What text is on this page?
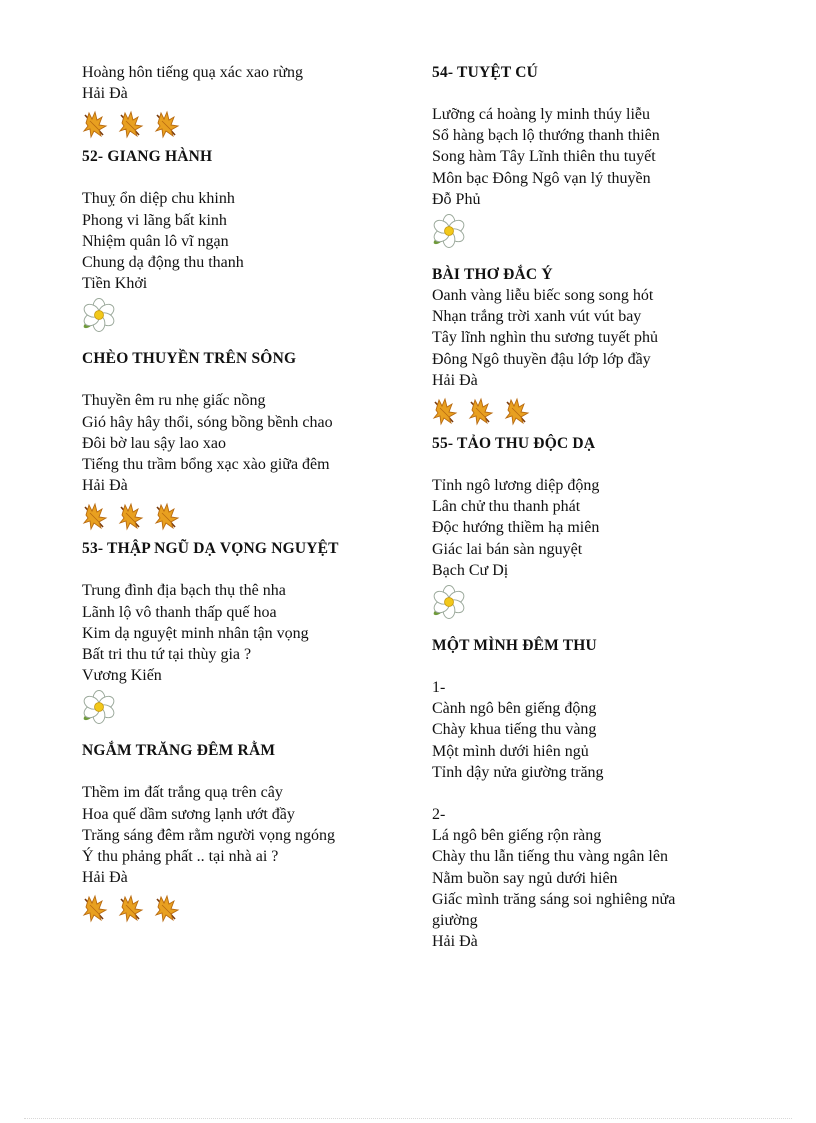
Hoàng hôn tiếng quạ xác xao rừng
Hải Đà
52- GIANG HÀNH
Thuỵ ổn diệp chu khinh
Phong vi lãng bất kinh
Nhiệm quân lô vĩ ngạn
Chung dạ động thu thanh
Tiền Khởi
CHÈO THUYỀN TRÊN SÔNG
Thuyền êm ru nhẹ giấc nồng
Gió hây hây thổi, sóng bồng bềnh chao
Đôi bờ lau sậy lao xao
Tiếng thu trầm bổng xạc xào giữa đêm
Hải Đà
53- THẬP NGŨ DẠ VỌNG NGUYỆT
Trung đình địa bạch thụ thê nha
Lãnh lộ vô thanh thấp quế hoa
Kim dạ nguyệt minh nhân tận vọng
Bất tri thu tứ tại thùy gia ?
Vương Kiến
NGẮM TRĂNG ĐÊM RẰM
Thềm im đất trắng quạ trên cây
Hoa quế dầm sương lạnh ướt đầy
Trăng sáng đêm rằm người vọng ngóng
Ý thu phảng phất .. tại nhà ai ?
Hải Đà
54- TUYỆT CÚ
Lưỡng cá hoàng ly minh thúy liễu
Sổ hàng bạch lộ thướng thanh thiên
Song hàm Tây Lĩnh thiên thu tuyết
Môn bạc Đông Ngô vạn lý thuyền
Đỗ Phủ
BÀI THƠ ĐẮC Ý
Oanh vàng liễu biếc song song hót
Nhạn trắng trời xanh vút vút bay
Tây lĩnh nghìn thu sương tuyết phủ
Đông Ngô thuyền đậu lớp lớp đầy
Hải Đà
55- TẢO THU ĐỘC DẠ
Tỉnh ngô lương diệp động
Lân chử thu thanh phát
Độc hướng thiềm hạ miên
Giác lai bán sàn nguyệt
Bạch Cư Dị
MỘT MÌNH ĐÊM THU
1-
Cành ngô bên giếng động
Chày khua tiếng thu vàng
Một mình dưới hiên ngủ
Tỉnh dậy nửa giường trăng
2-
Lá ngô bên giếng rộn ràng
Chày thu lẫn tiếng thu vàng ngân lên
Nằm buồn say ngủ dưới hiên
Giấc mình trăng sáng soi nghiêng nửa giường
Hải Đà
